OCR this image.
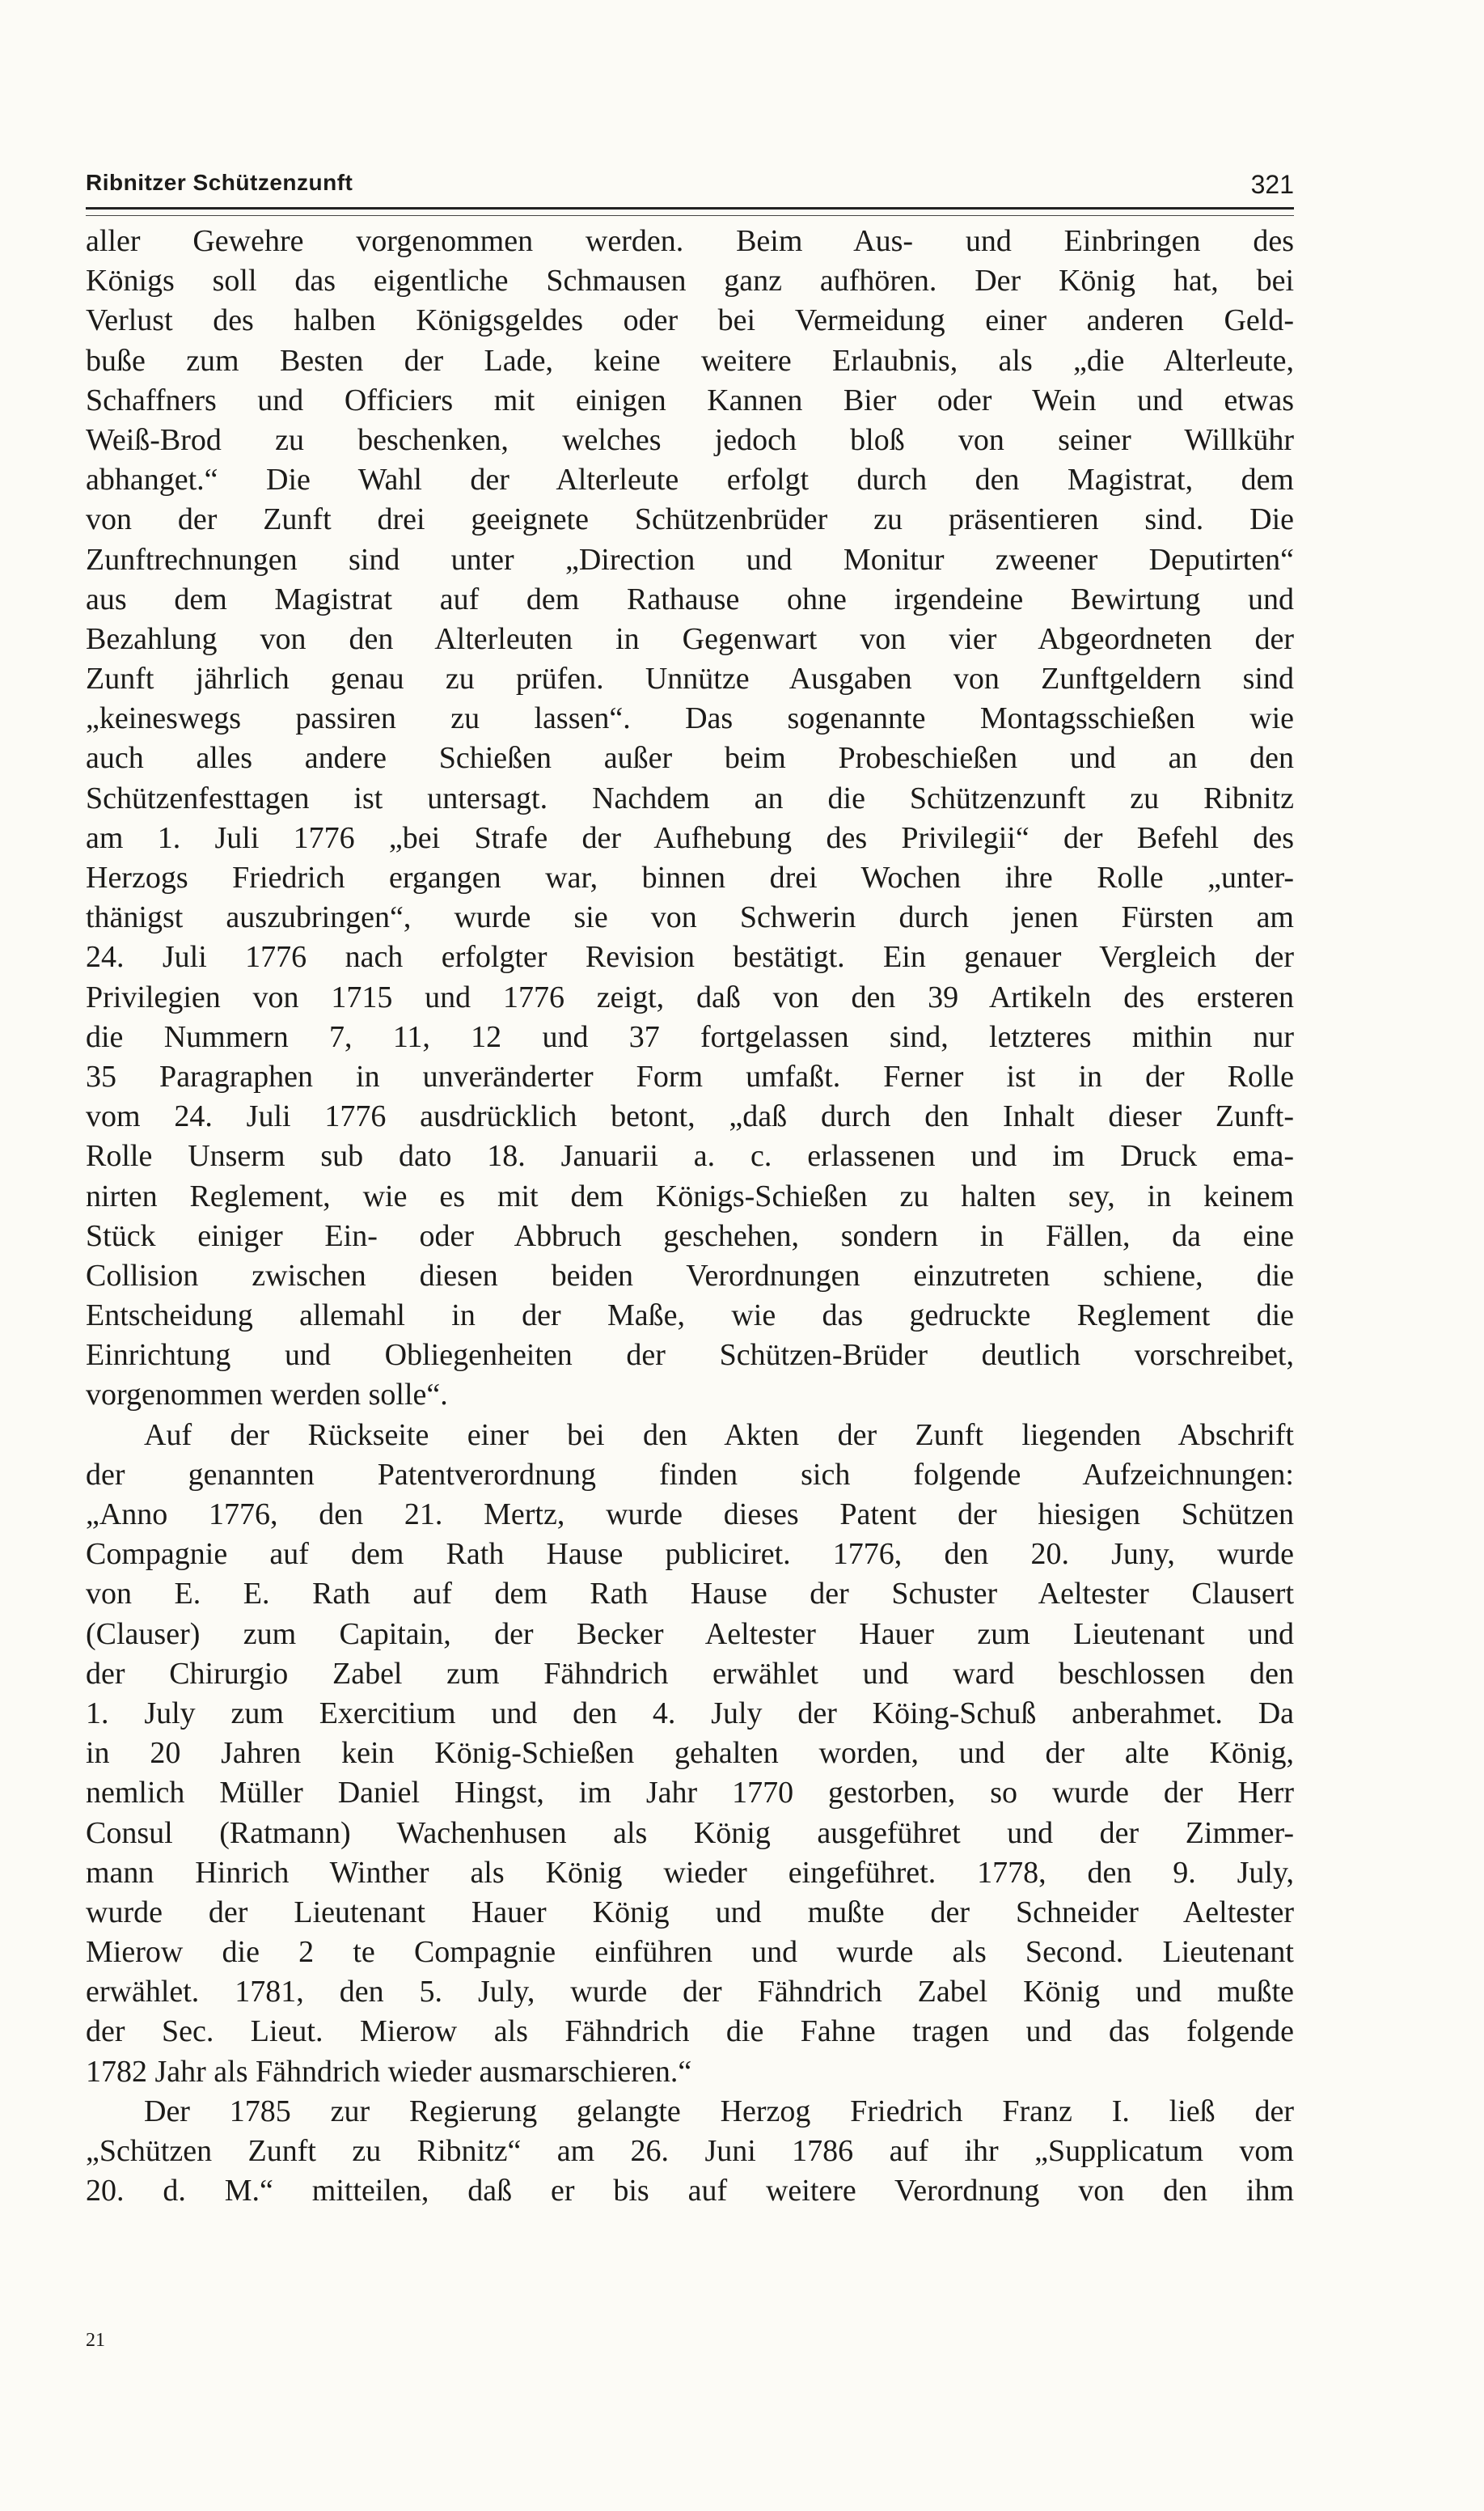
Ribnitzer Schützenzunft	321
aller Gewehre vorgenommen werden. Beim Aus- und Einbringen des
Königs soll das eigentliche Schmausen ganz aufhören. Der König hat, bei
Verlust des halben Königsgeldes oder bei Vermeidung einer anderen Geld-
buße zum Besten der Lade, keine weitere Erlaubnis, als „die Alterleute,
Schaffners und Officiers mit einigen Kannen Bier oder Wein und etwas
Weiß-Brod zu beschenken, welches jedoch bloß von seiner Willkühr
abhanget.“ Die Wahl der Alterleute erfolgt durch den Magistrat, dem
von der Zunft drei geeignete Schützenbrüder zu präsentieren sind. Die
Zunftrechnungen sind unter „Direction und Monitur zweener Deputirten“
aus dem Magistrat auf dem Rathause ohne irgendeine Bewirtung und
Bezahlung von den Alterleuten in Gegenwart von vier Abgeordneten der
Zunft jährlich genau zu prüfen. Unnütze Ausgaben von Zunftgeldern sind
„keineswegs passiren zu lassen“. Das sogenannte Montagsschießen wie
auch alles andere Schießen außer beim Probeschießen und an den
Schützenfesttagen ist untersagt. Nachdem an die Schützenzunft zu Ribnitz
am 1. Juli 1776 „bei Strafe der Aufhebung des Privilegii“ der Befehl des
Herzogs Friedrich ergangen war, binnen drei Wochen ihre Rolle „unter-
thänigst auszubringen“, wurde sie von Schwerin durch jenen Fürsten am
24. Juli 1776 nach erfolgter Revision bestätigt. Ein genauer Vergleich der
Privilegien von 1715 und 1776 zeigt, daß von den 39 Artikeln des ersteren
die Nummern 7, 11, 12 und 37 fortgelassen sind, letzteres mithin nur
35 Paragraphen in unveränderter Form umfaßt. Ferner ist in der Rolle
vom 24. Juli 1776 ausdrücklich betont, „daß durch den Inhalt dieser Zunft-
Rolle Unserm sub dato 18. Januarii a. c. erlassenen und im Druck ema-
nirten Reglement, wie es mit dem Königs-Schießen zu halten sey, in keinem
Stück einiger Ein- oder Abbruch geschehen, sondern in Fällen, da eine
Collision zwischen diesen beiden Verordnungen einzutreten schiene, die
Entscheidung allemahl in der Maße, wie das gedruckte Reglement die
Einrichtung und Obliegenheiten der Schützen-Brüder deutlich vorschreibet,
vorgenommen werden solle“.
Auf der Rückseite einer bei den Akten der Zunft liegenden Abschrift
der genannten Patentverordnung finden sich folgende Aufzeichnungen:
„Anno 1776, den 21. Mertz, wurde dieses Patent der hiesigen Schützen
Compagnie auf dem Rath Hause publiciret. 1776, den 20. Juny, wurde
von E. E. Rath auf dem Rath Hause der Schuster Aeltester Clausert
(Clauser) zum Capitain, der Becker Aeltester Hauer zum Lieutenant und
der Chirurgio Zabel zum Fähndrich erwählet und ward beschlossen den
1. July zum Exercitium und den 4. July der Köing-Schuß anberahmet. Da
in 20 Jahren kein König-Schießen gehalten worden, und der alte König,
nemlich Müller Daniel Hingst, im Jahr 1770 gestorben, so wurde der Herr
Consul (Ratmann) Wachenhusen als König ausgeführet und der Zimmer-
mann Hinrich Winther als König wieder eingeführet. 1778, den 9. July,
wurde der Lieutenant Hauer König und mußte der Schneider Aeltester
Mierow die 2 te Compagnie einführen und wurde als Second. Lieutenant
erwählet. 1781, den 5. July, wurde der Fähndrich Zabel König und mußte
der Sec. Lieut. Mierow als Fähndrich die Fahne tragen und das folgende
1782 Jahr als Fähndrich wieder ausmarschieren.“
Der 1785 zur Regierung gelangte Herzog Friedrich Franz I. ließ der
„Schützen Zunft zu Ribnitz“ am 26. Juni 1786 auf ihr „Supplicatum vom
20. d. M.“ mitteilen, daß er bis auf weitere Verordnung von den ihm
21
